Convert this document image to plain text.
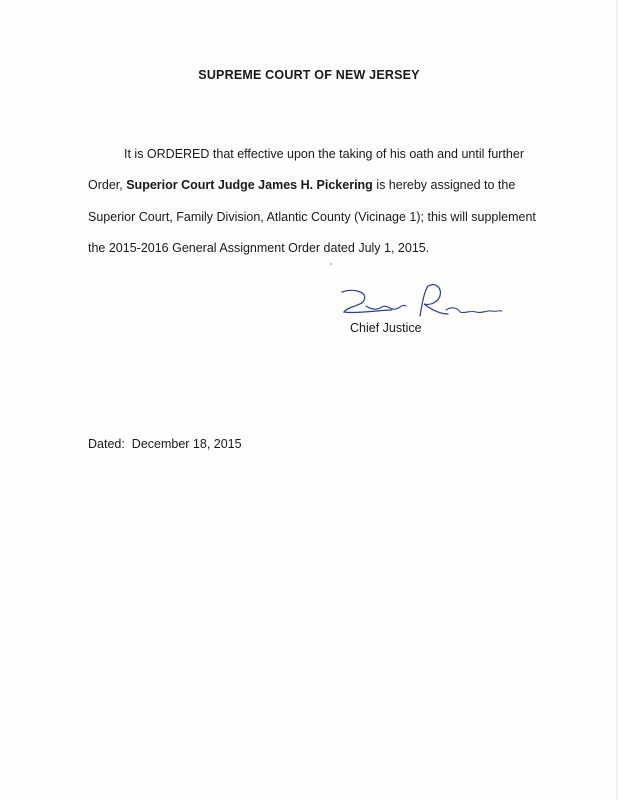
SUPREME COURT OF NEW JERSEY
It is ORDERED that effective upon the taking of his oath and until further
Order, Superior Court Judge James H. Pickering is hereby assigned to the
Superior Court, Family Division, Atlantic County (Vicinage 1); this will supplement
the 2015-2016 General Assignment Order dated July 1, 2015.
Chief Justice
Dated: December 18, 2015
